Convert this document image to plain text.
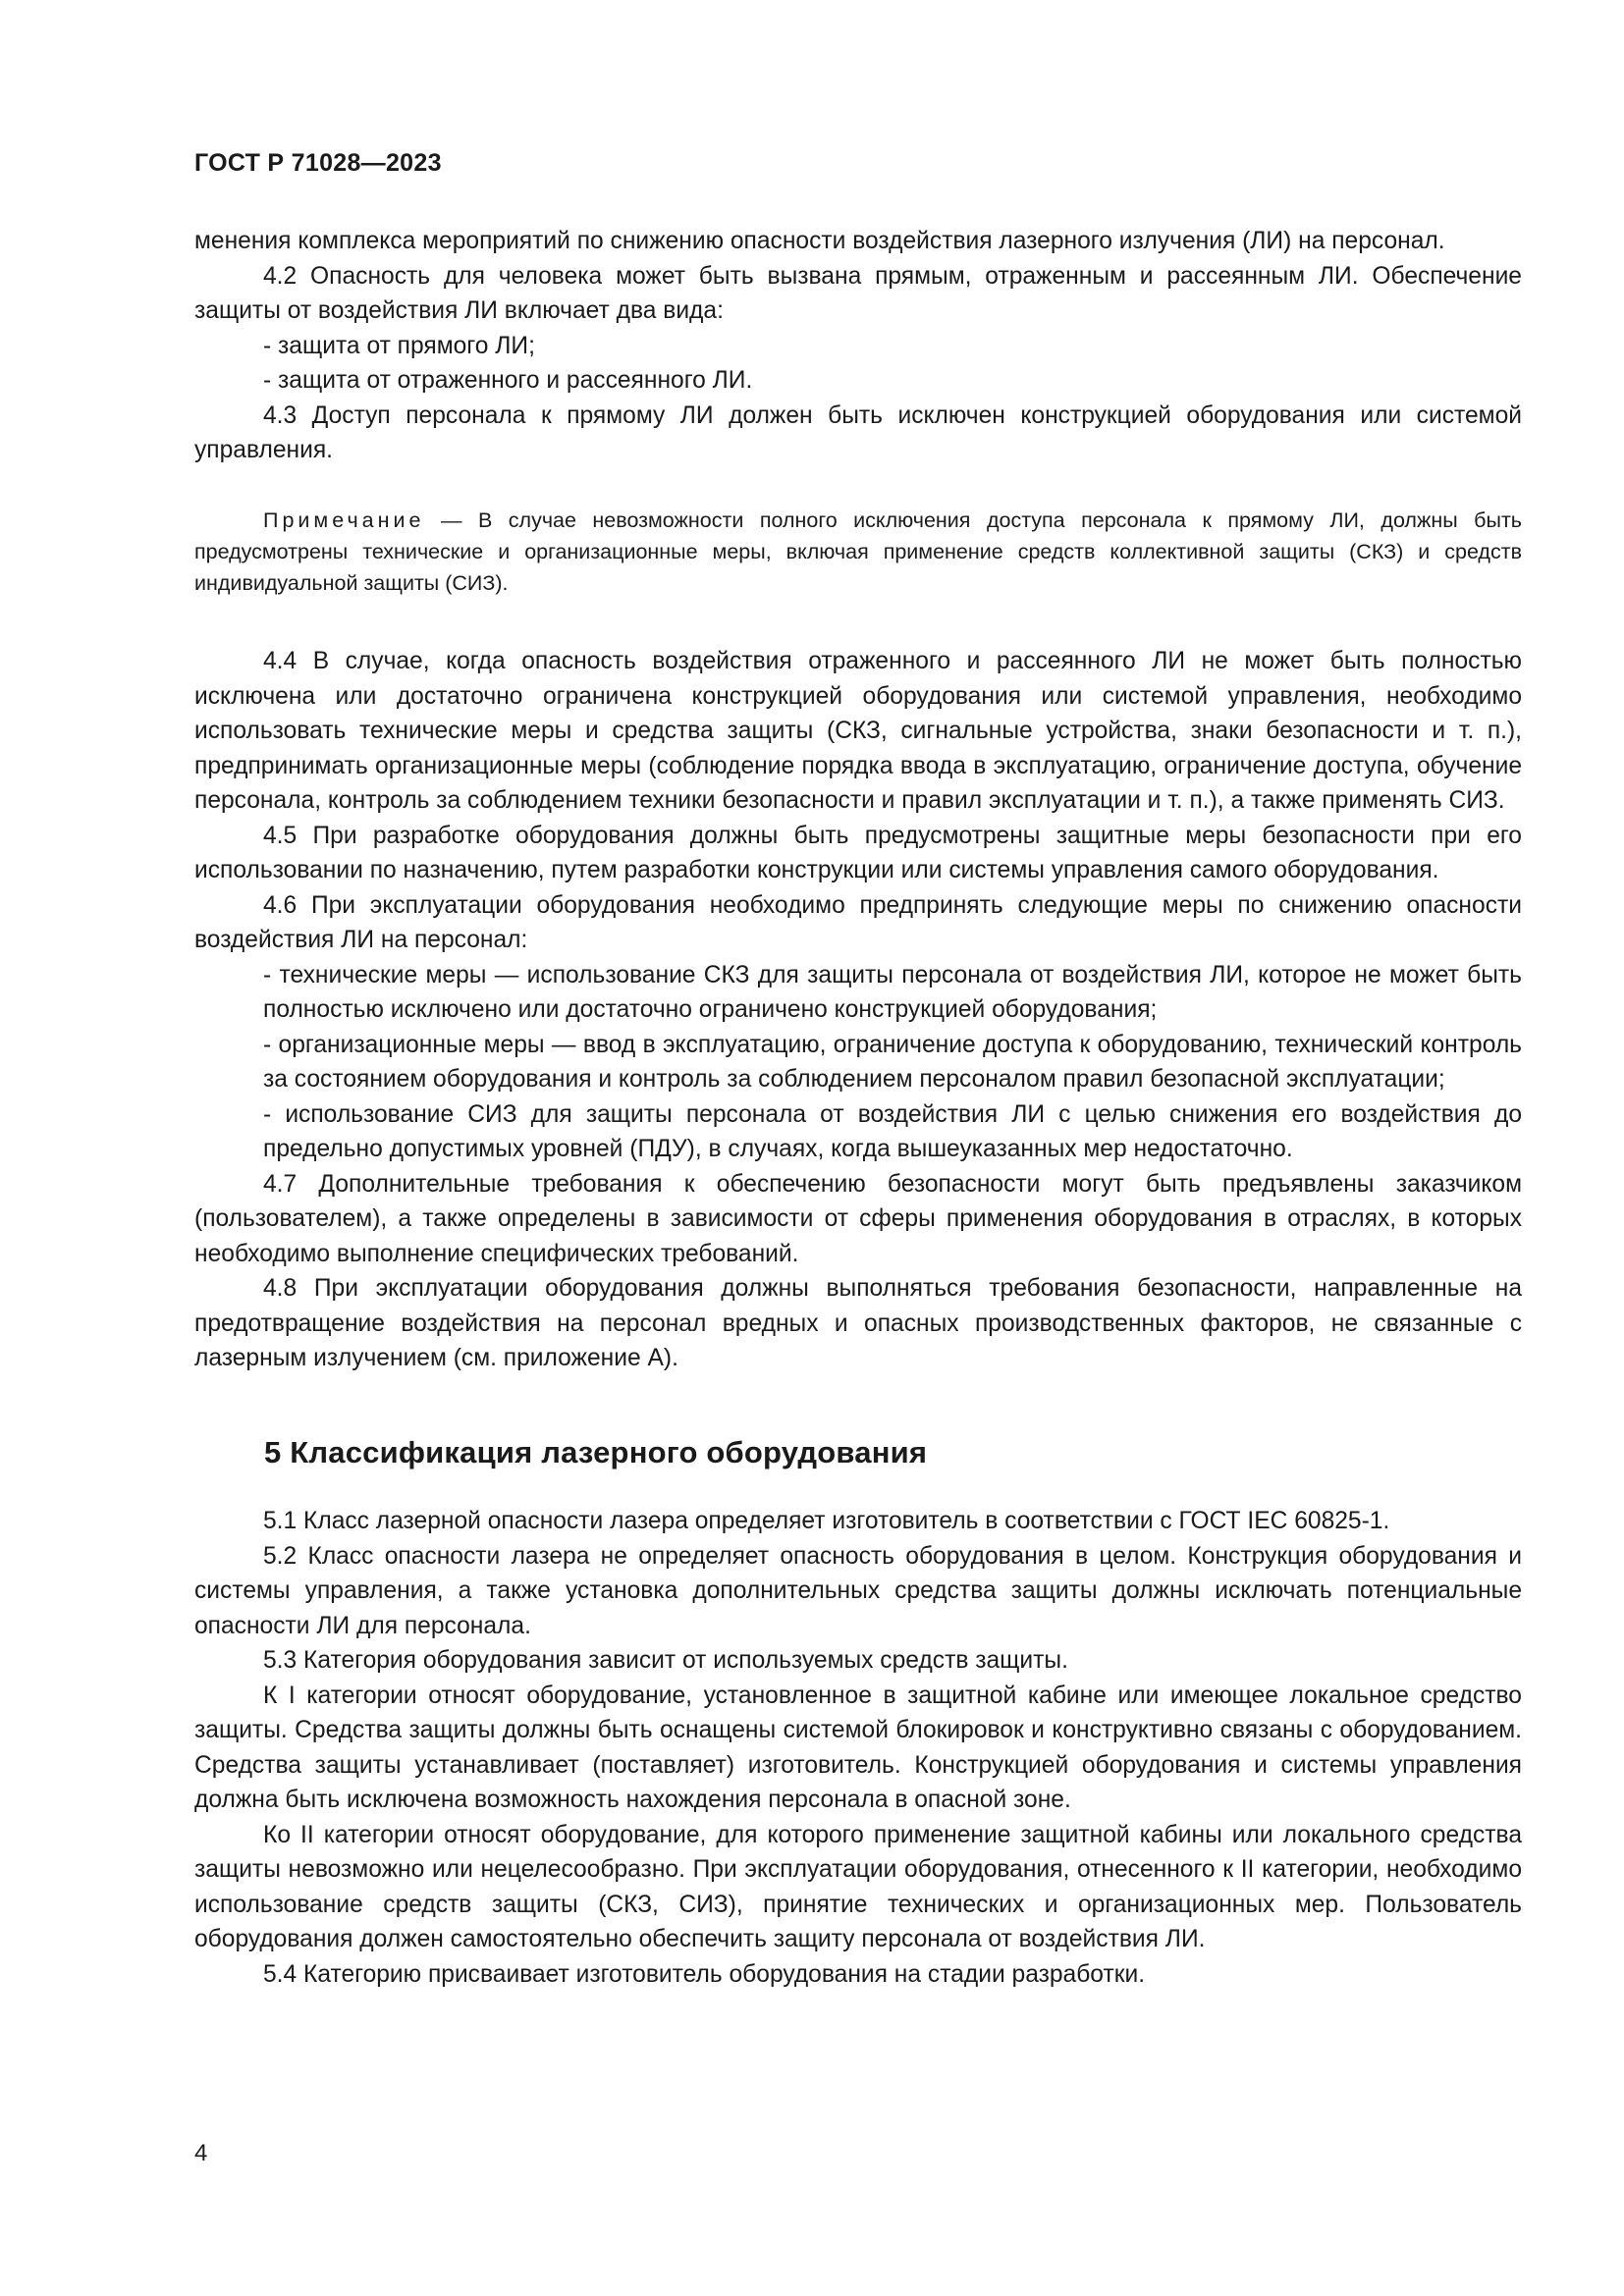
ГОСТ Р 71028—2023

менения комплекса мероприятий по снижению опасности воздействия лазерного излучения (ЛИ) на персонал.

4.2 Опасность для человека может быть вызвана прямым, отраженным и рассеянным ЛИ. Обеспечение защиты от воздействия ЛИ включает два вида:

- защита от прямого ЛИ;

- защита от отраженного и рассеянного ЛИ.

4.3 Доступ персонала к прямому ЛИ должен быть исключен конструкцией оборудования или системой управления.

Примечание — В случае невозможности полного исключения доступа персонала к прямому ЛИ, должны быть предусмотрены технические и организационные меры, включая применение средств коллективной защиты (СКЗ) и средств индивидуальной защиты (СИЗ).

4.4 В случае, когда опасность воздействия отраженного и рассеянного ЛИ не может быть полностью исключена или достаточно ограничена конструкцией оборудования или системой управления, необходимо использовать технические меры и средства защиты (СКЗ, сигнальные устройства, знаки безопасности и т. п.), предпринимать организационные меры (соблюдение порядка ввода в эксплуатацию, ограничение доступа, обучение персонала, контроль за соблюдением техники безопасности и правил эксплуатации и т. п.), а также применять СИЗ.

4.5 При разработке оборудования должны быть предусмотрены защитные меры безопасности при его использовании по назначению, путем разработки конструкции или системы управления самого оборудования.

4.6 При эксплуатации оборудования необходимо предпринять следующие меры по снижению опасности воздействия ЛИ на персонал:

- технические меры — использование СКЗ для защиты персонала от воздействия ЛИ, которое не может быть полностью исключено или достаточно ограничено конструкцией оборудования;

- организационные меры — ввод в эксплуатацию, ограничение доступа к оборудованию, технический контроль за состоянием оборудования и контроль за соблюдением персоналом правил безопасной эксплуатации;

- использование СИЗ для защиты персонала от воздействия ЛИ с целью снижения его воздействия до предельно допустимых уровней (ПДУ), в случаях, когда вышеуказанных мер недостаточно.

4.7 Дополнительные требования к обеспечению безопасности могут быть предъявлены заказчиком (пользователем), а также определены в зависимости от сферы применения оборудования в отраслях, в которых необходимо выполнение специфических требований.

4.8 При эксплуатации оборудования должны выполняться требования безопасности, направленные на предотвращение воздействия на персонал вредных и опасных производственных факторов, не связанные с лазерным излучением (см. приложение А).

5 Классификация лазерного оборудования

5.1 Класс лазерной опасности лазера определяет изготовитель в соответствии с ГОСТ IEC 60825-1.

5.2 Класс опасности лазера не определяет опасность оборудования в целом. Конструкция оборудования и системы управления, а также установка дополнительных средства защиты должны исключать потенциальные опасности ЛИ для персонала.

5.3 Категория оборудования зависит от используемых средств защиты.

К I категории относят оборудование, установленное в защитной кабине или имеющее локальное средство защиты. Средства защиты должны быть оснащены системой блокировок и конструктивно связаны с оборудованием. Средства защиты устанавливает (поставляет) изготовитель. Конструкцией оборудования и системы управления должна быть исключена возможность нахождения персонала в опасной зоне.

Ко II категории относят оборудование, для которого применение защитной кабины или локального средства защиты невозможно или нецелесообразно. При эксплуатации оборудования, отнесенного к II категории, необходимо использование средств защиты (СКЗ, СИЗ), принятие технических и организационных мер. Пользователь оборудования должен самостоятельно обеспечить защиту персонала от воздействия ЛИ.

5.4 Категорию присваивает изготовитель оборудования на стадии разработки.

4
